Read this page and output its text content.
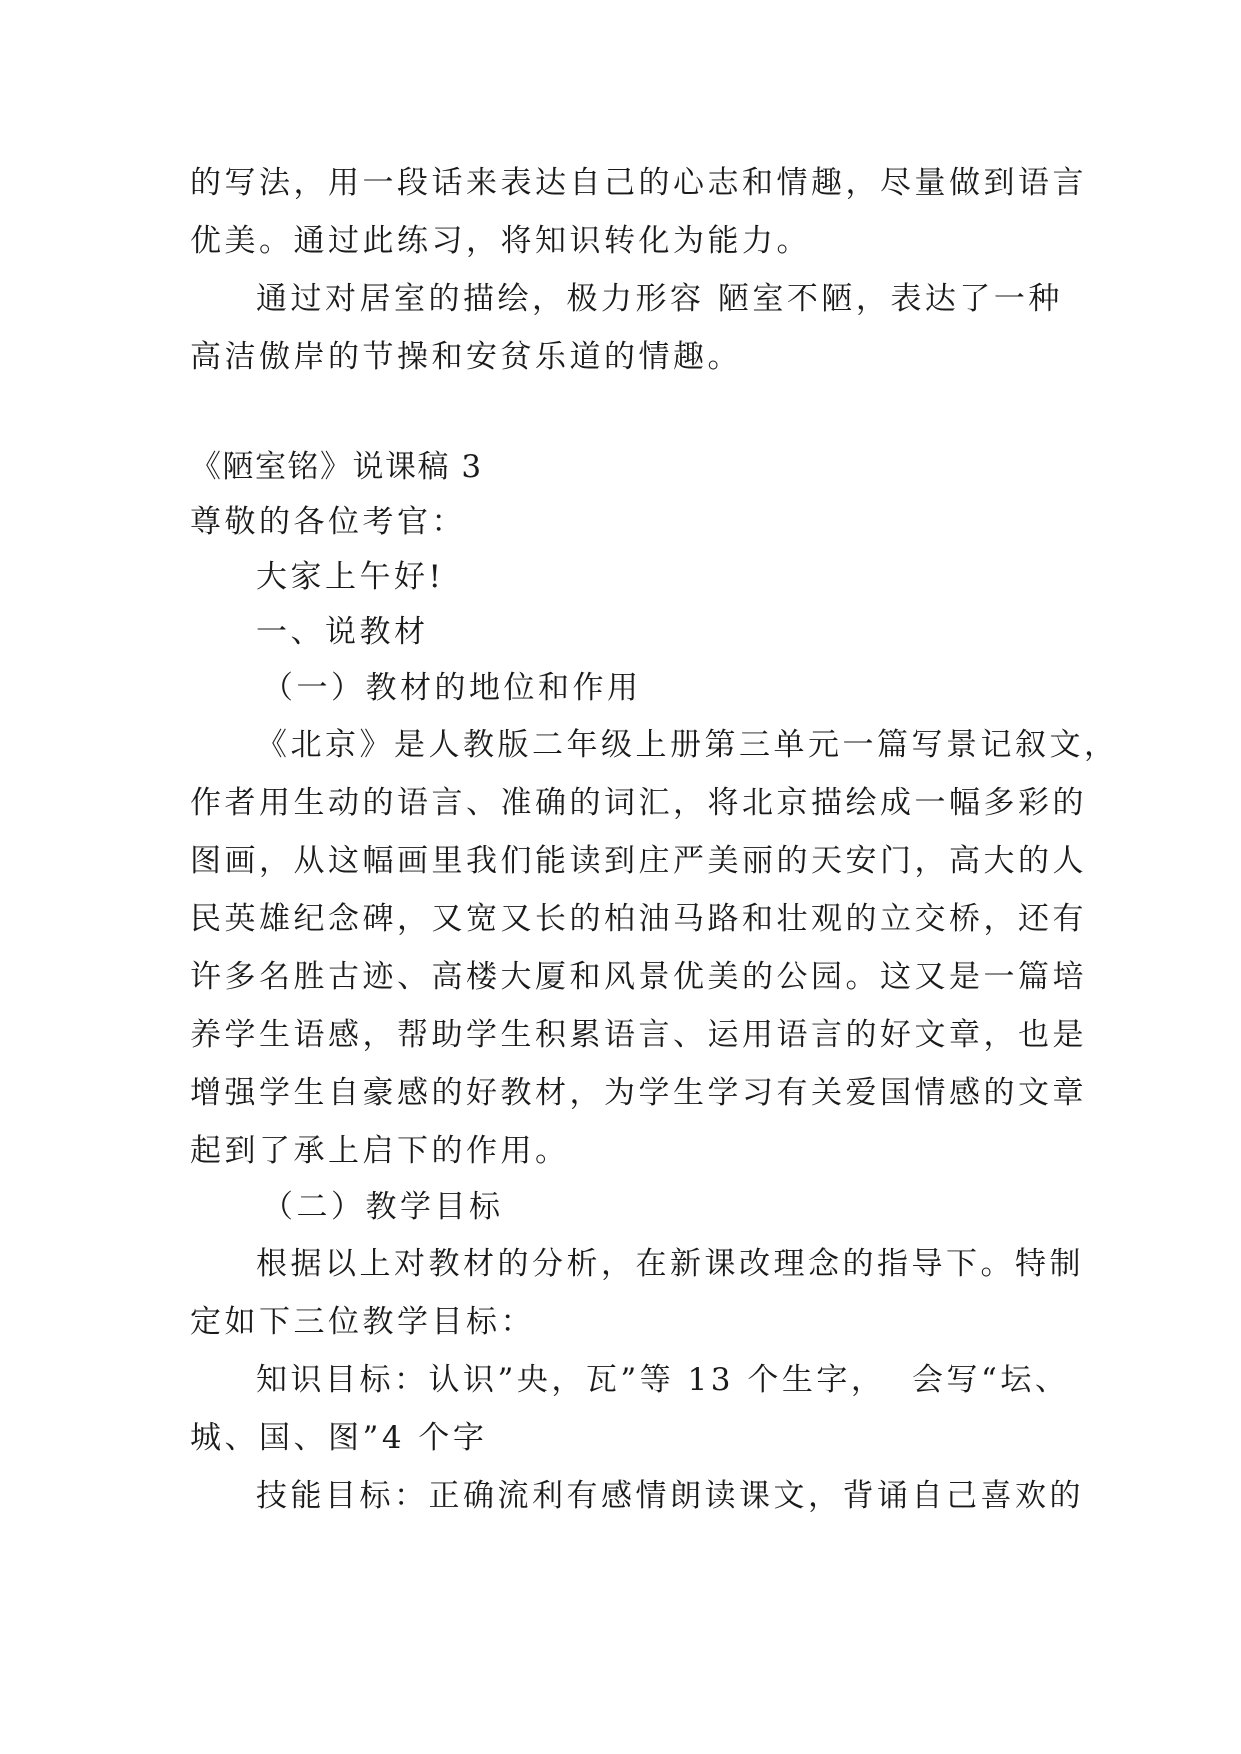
的写法，用一段话来表达自己的心志和情趣，尽量做到语言
优美。通过此练习，将知识转化为能力。
通过对居室的描绘，极力形容 陋室不陋，表达了一种
高洁傲岸的节操和安贫乐道的情趣。
《陋室铭》说课稿 3
尊敬的各位考官：
大家上午好!
一、说教材
（一）教材的地位和作用
《北京》是人教版二年级上册第三单元一篇写景记叙文，
作者用生动的语言、准确的词汇，将北京描绘成一幅多彩的
图画，从这幅画里我们能读到庄严美丽的天安门，高大的人
民英雄纪念碑，又宽又长的柏油马路和壮观的立交桥，还有
许多名胜古迹、高楼大厦和风景优美的公园。这又是一篇培
养学生语感，帮助学生积累语言、运用语言的好文章，也是
增强学生自豪感的好教材，为学生学习有关爱国情感的文章
起到了承上启下的作用。
（二）教学目标
根据以上对教材的分析，在新课改理念的指导下。特制
定如下三位教学目标：
知识目标：认识”央，瓦”等 13 个生字，  会写“坛、
城、国、图”4 个字
技能目标：正确流利有感情朗读课文，背诵自己喜欢的
